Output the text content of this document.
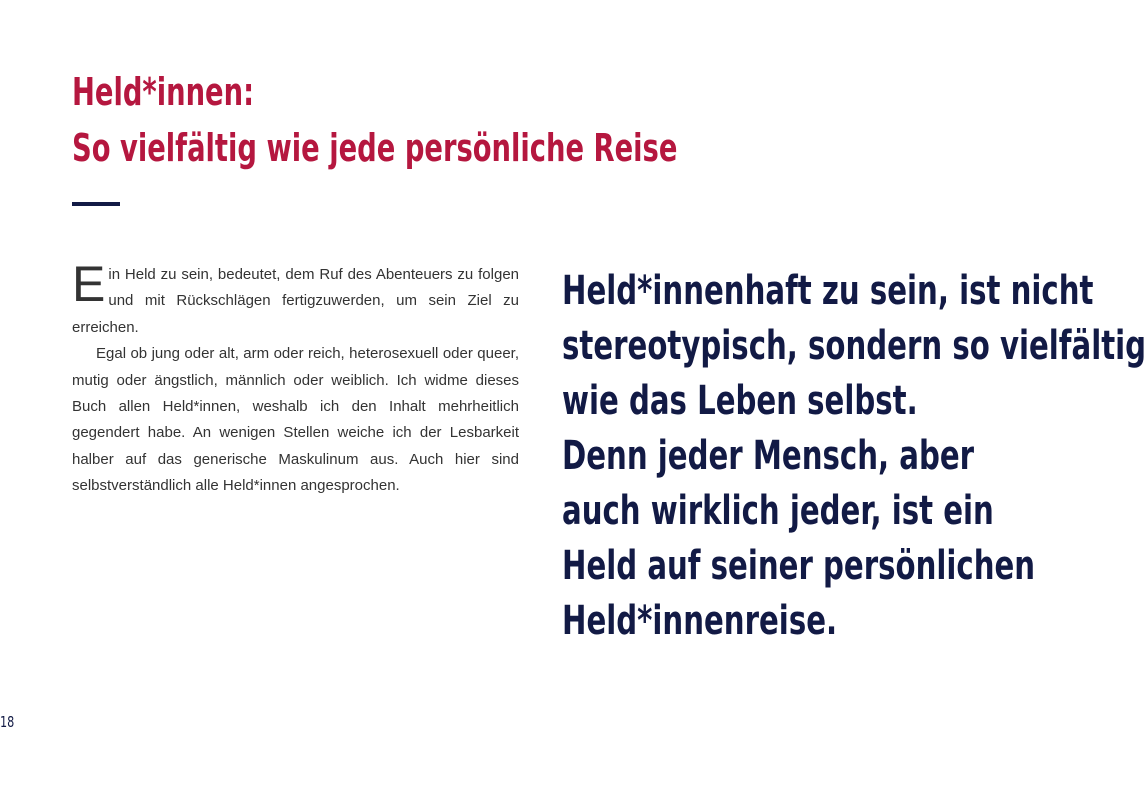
Held*innen:
So vielfältig wie jede persönliche Reise

Ein Held zu sein, bedeutet, dem Ruf des Abenteuers zu folgen und mit Rückschlägen fertigzuwerden, um sein Ziel zu erreichen.

Egal ob jung oder alt, arm oder reich, heterosexuell oder queer, mutig oder ängstlich, männlich oder weiblich. Ich widme dieses Buch allen Held*innen, weshalb ich den Inhalt mehrheitlich gegendert habe. An wenigen Stellen weiche ich der Lesbarkeit halber auf das generische Maskulinum aus. Auch hier sind selbstverständlich alle Held*innen angesprochen.

Held*innenhaft zu sein, ist nicht
stereotypisch, sondern so vielfältig
wie das Leben selbst.
Denn jeder Mensch, aber
auch wirklich jeder, ist ein
Held auf seiner persönlichen
Held*innenreise.
18
